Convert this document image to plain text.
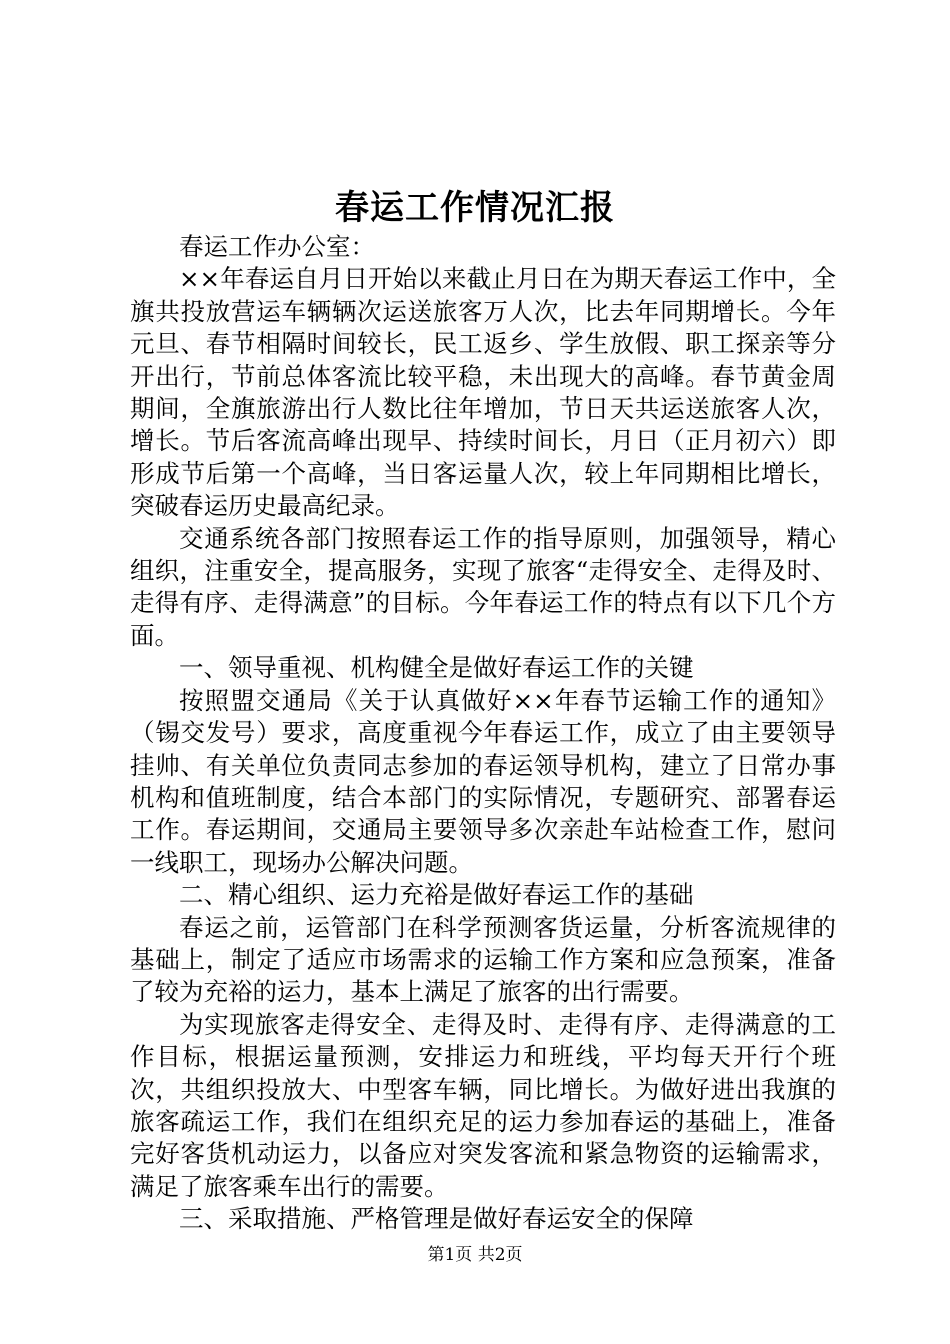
春运工作情况汇报

春运工作办公室：

××年春运自月日开始以来截止月日在为期天春运工作中，全旗共投放营运车辆辆次运送旅客万人次，比去年同期增长。今年元旦、春节相隔时间较长，民工返乡、学生放假、职工探亲等分开出行，节前总体客流比较平稳，未出现大的高峰。春节黄金周期间，全旗旅游出行人数比往年增加，节日天共运送旅客人次，增长。节后客流高峰出现早、持续时间长，月日（正月初六）即形成节后第一个高峰，当日客运量人次，较上年同期相比增长，突破春运历史最高纪录。

交通系统各部门按照春运工作的指导原则，加强领导，精心组织，注重安全，提高服务，实现了旅客“走得安全、走得及时、走得有序、走得满意”的目标。今年春运工作的特点有以下几个方面。

一、领导重视、机构健全是做好春运工作的关键

按照盟交通局《关于认真做好××年春节运输工作的通知》（锡交发号）要求，高度重视今年春运工作，成立了由主要领导挂帅、有关单位负责同志参加的春运领导机构，建立了日常办事机构和值班制度，结合本部门的实际情况，专题研究、部署春运工作。春运期间，交通局主要领导多次亲赴车站检查工作，慰问一线职工，现场办公解决问题。

二、精心组织、运力充裕是做好春运工作的基础

春运之前，运管部门在科学预测客货运量，分析客流规律的基础上，制定了适应市场需求的运输工作方案和应急预案，准备了较为充裕的运力，基本上满足了旅客的出行需要。

为实现旅客走得安全、走得及时、走得有序、走得满意的工作目标，根据运量预测，安排运力和班线，平均每天开行个班次，共组织投放大、中型客车辆，同比增长。为做好进出我旗的旅客疏运工作，我们在组织充足的运力参加春运的基础上，准备完好客货机动运力，以备应对突发客流和紧急物资的运输需求，满足了旅客乘车出行的需要。

三、采取措施、严格管理是做好春运安全的保障

第1页 共2页
